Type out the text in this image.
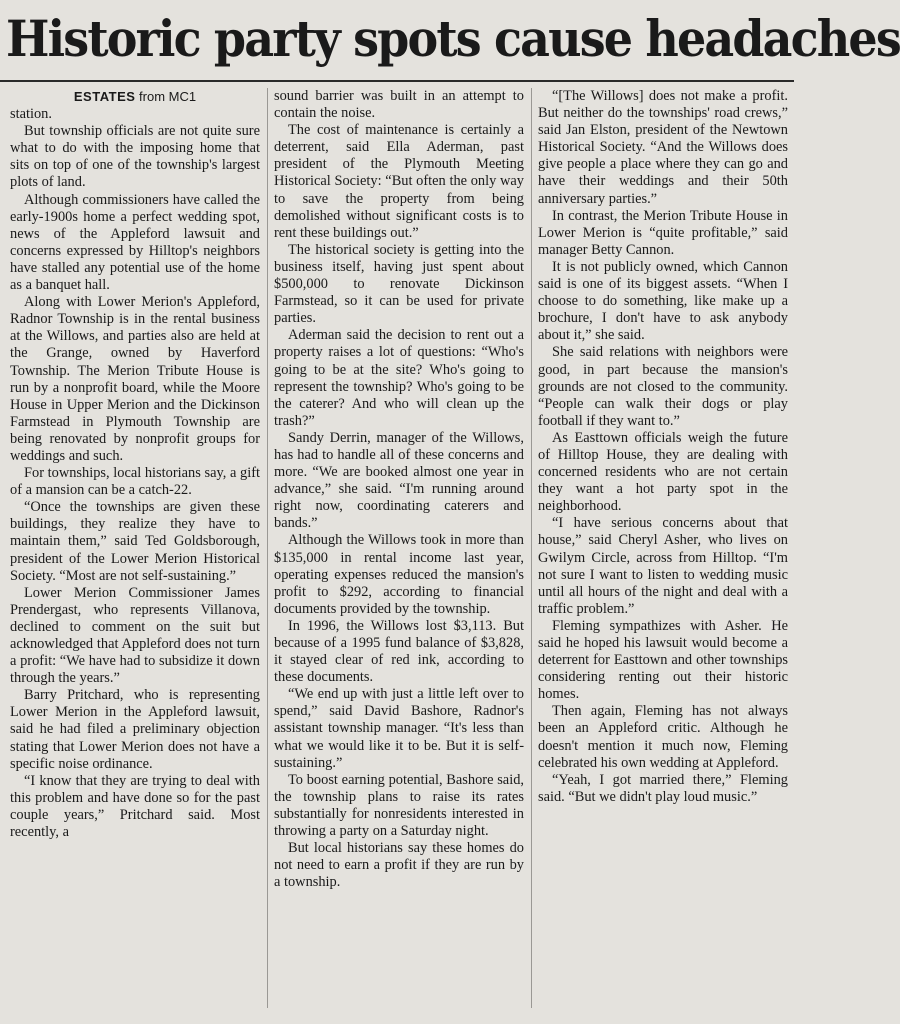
Historic party spots cause headaches

ESTATES from MC1

station.

But township officials are not quite sure what to do with the imposing home that sits on top of one of the township's largest plots of land.

Although commissioners have called the early-1900s home a perfect wedding spot, news of the Appleford lawsuit and concerns expressed by Hilltop's neighbors have stalled any potential use of the home as a banquet hall.

Along with Lower Merion's Appleford, Radnor Township is in the rental business at the Willows, and parties also are held at the Grange, owned by Haverford Township. The Merion Tribute House is run by a nonprofit board, while the Moore House in Upper Merion and the Dickinson Farmstead in Plymouth Township are being renovated by nonprofit groups for weddings and such.

For townships, local historians say, a gift of a mansion can be a catch-22.

“Once the townships are given these buildings, they realize they have to maintain them,” said Ted Goldsborough, president of the Lower Merion Historical Society. “Most are not self-sustaining.”

Lower Merion Commissioner James Prendergast, who represents Villanova, declined to comment on the suit but acknowledged that Appleford does not turn a profit: “We have had to subsidize it down through the years.”

Barry Pritchard, who is representing Lower Merion in the Appleford lawsuit, said he had filed a preliminary objection stating that Lower Merion does not have a specific noise ordinance.

“I know that they are trying to deal with this problem and have done so for the past couple years,” Pritchard said. Most recently, a

sound barrier was built in an attempt to contain the noise.

The cost of maintenance is certainly a deterrent, said Ella Aderman, past president of the Plymouth Meeting Historical Society: “But often the only way to save the property from being demolished without significant costs is to rent these buildings out.”

The historical society is getting into the business itself, having just spent about $500,000 to renovate Dickinson Farmstead, so it can be used for private parties.

Aderman said the decision to rent out a property raises a lot of questions: “Who's going to be at the site? Who's going to represent the township? Who's going to be the caterer? And who will clean up the trash?”

Sandy Derrin, manager of the Willows, has had to handle all of these concerns and more. “We are booked almost one year in advance,” she said. “I'm running around right now, coordinating caterers and bands.”

Although the Willows took in more than $135,000 in rental income last year, operating expenses reduced the mansion's profit to $292, according to financial documents provided by the township.

In 1996, the Willows lost $3,113. But because of a 1995 fund balance of $3,828, it stayed clear of red ink, according to these documents.

“We end up with just a little left over to spend,” said David Bashore, Radnor's assistant township manager. “It's less than what we would like it to be. But it is self-sustaining.”

To boost earning potential, Bashore said, the township plans to raise its rates substantially for nonresidents interested in throwing a party on a Saturday night.

But local historians say these homes do not need to earn a profit if they are run by a township.

“[The Willows] does not make a profit. But neither do the townships' road crews,” said Jan Elston, president of the Newtown Historical Society. “And the Willows does give people a place where they can go and have their weddings and their 50th anniversary parties.”

In contrast, the Merion Tribute House in Lower Merion is “quite profitable,” said manager Betty Cannon.

It is not publicly owned, which Cannon said is one of its biggest assets. “When I choose to do something, like make up a brochure, I don't have to ask anybody about it,” she said.

She said relations with neighbors were good, in part because the mansion's grounds are not closed to the community. “People can walk their dogs or play football if they want to.”

As Easttown officials weigh the future of Hilltop House, they are dealing with concerned residents who are not certain they want a hot party spot in the neighborhood.

“I have serious concerns about that house,” said Cheryl Asher, who lives on Gwilym Circle, across from Hilltop. “I'm not sure I want to listen to wedding music until all hours of the night and deal with a traffic problem.”

Fleming sympathizes with Asher. He said he hoped his lawsuit would become a deterrent for Easttown and other townships considering renting out their historic homes.

Then again, Fleming has not always been an Appleford critic. Although he doesn't mention it much now, Fleming celebrated his own wedding at Appleford.

“Yeah, I got married there,” Fleming said. “But we didn't play loud music.”
